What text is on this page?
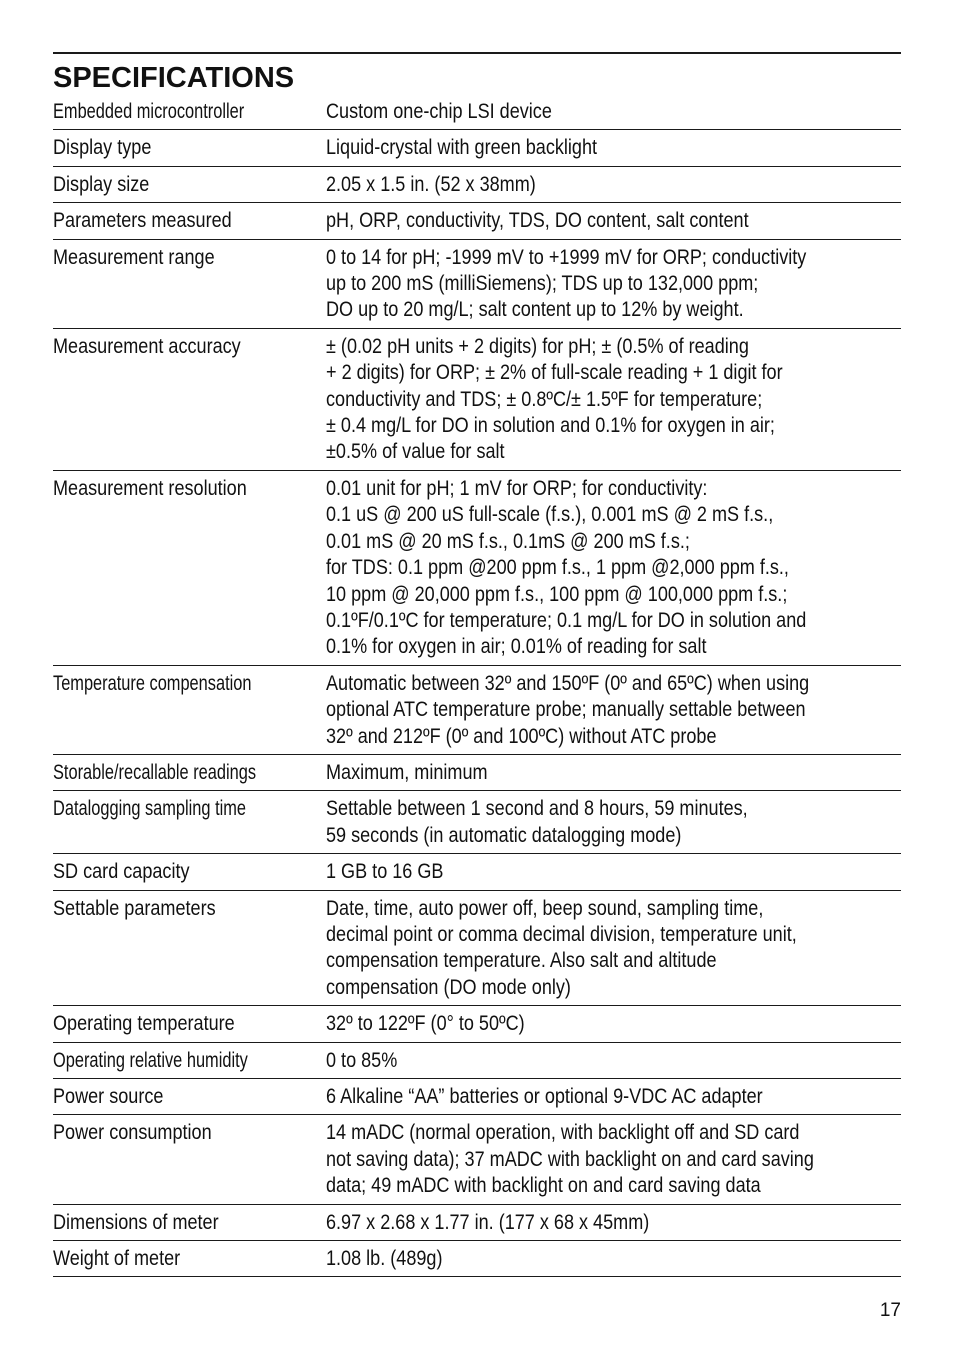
SPECIFICATIONS
Embedded microcontroller	Custom one-chip LSI device
Display type	Liquid-crystal with green backlight
Display size	2.05 x 1.5 in. (52 x 38mm)
Parameters measured	pH, ORP, conductivity, TDS, DO content, salt content
Measurement range	0 to 14 for pH; -1999 mV to +1999 mV for ORP; conductivity
up to 200 mS (milliSiemens); TDS up to 132,000 ppm;
DO up to 20 mg/L; salt content up to 12% by weight.
Measurement accuracy	± (0.02 pH units + 2 digits) for pH; ± (0.5% of reading
+ 2 digits) for ORP; ± 2% of full-scale reading + 1 digit for
conductivity and TDS; ± 0.8ºC/± 1.5ºF for temperature;
± 0.4 mg/L for DO in solution and 0.1% for oxygen in air;
±0.5% of value for salt
Measurement resolution	0.01 unit for pH; 1 mV for ORP; for conductivity:
0.1 uS @ 200 uS full-scale (f.s.), 0.001 mS @ 2 mS f.s.,
0.01 mS @ 20 mS f.s., 0.1mS @ 200 mS f.s.;
for TDS: 0.1 ppm @200 ppm f.s., 1 ppm @2,000 ppm f.s.,
10 ppm @ 20,000 ppm f.s., 100 ppm @ 100,000 ppm f.s.;
0.1ºF/0.1ºC for temperature; 0.1 mg/L for DO in solution and
0.1% for oxygen in air; 0.01% of reading for salt
Temperature compensation	Automatic between 32º and 150ºF (0º and 65ºC) when using
optional ATC temperature probe; manually settable between
32º and 212ºF (0º and 100ºC) without ATC probe
Storable/recallable readings	Maximum, minimum
Datalogging sampling time	Settable between 1 second and 8 hours, 59 minutes,
59 seconds (in automatic datalogging mode)
SD card capacity	1 GB to 16 GB
Settable parameters	Date, time, auto power off, beep sound, sampling time,
decimal point or comma decimal division, temperature unit,
compensation temperature. Also salt and altitude
compensation (DO mode only)
Operating temperature	32º to 122ºF (0° to 50ºC)
Operating relative humidity	0 to 85%
Power source	6 Alkaline “AA” batteries or optional 9-VDC AC adapter
Power consumption	14 mADC (normal operation, with backlight off and SD card
not saving data); 37 mADC with backlight on and card saving
data; 49 mADC with backlight on and card saving data
Dimensions of meter	6.97 x 2.68 x 1.77 in. (177 x 68 x 45mm)
Weight of meter	1.08 lb. (489g)
17
